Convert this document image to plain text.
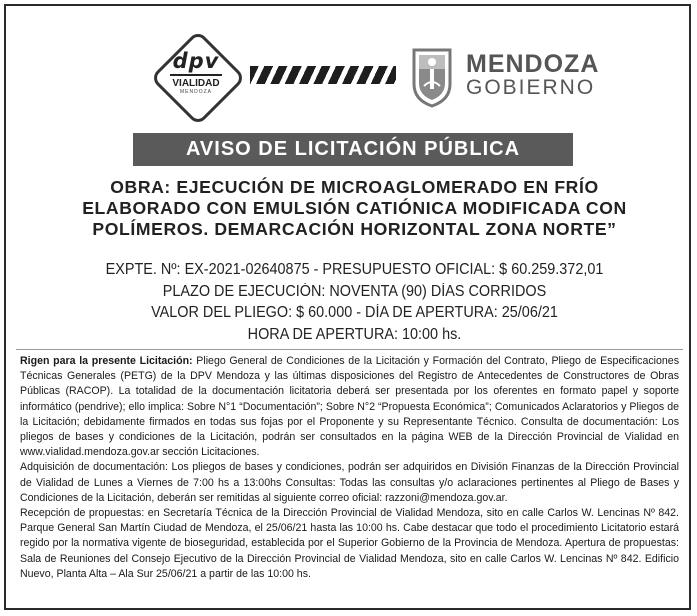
dpv
VIALIDAD
MENDOZA
MENDOZA
GOBIERNO
AVISO DE LICITACIÓN PÚBLICA
OBRA: EJECUCIÓN DE MICROAGLOMERADO EN FRÍO
ELABORADO CON EMULSIÓN CATIÓNICA MODIFICADA CON
POLÍMEROS. DEMARCACIÓN HORIZONTAL ZONA NORTE”
EXPTE. Nº: EX-2021-02640875 - PRESUPUESTO OFICIAL: $ 60.259.372,01
PLAZO DE EJECUCIÓN: NOVENTA (90) DÍAS CORRIDOS
VALOR DEL PLIEGO: $ 60.000 - DÍA DE APERTURA: 25/06/21
HORA DE APERTURA: 10:00 hs.

Rigen para la presente Licitación: Pliego General de Condiciones de la Licitación y Formación del Contrato, Pliego de Especificaciones Técnicas Generales (PETG) de la DPV Mendoza y las últimas disposiciones del Registro de Antecedentes de Constructores de Obras Públicas (RACOP). La totalidad de la documentación licitatoria deberá ser presentada por los oferentes en formato papel y soporte informático (pendrive); ello implica: Sobre N°1 “Documentación”; Sobre N°2 “Propuesta Económica”; Comunicados Aclaratorios y Pliegos de la Licitación; debidamente firmados en todas sus fojas por el Proponente y su Representante Técnico. Consulta de documentación: Los pliegos de bases y condiciones de la Licitación, podrán ser consultados en la página WEB de la Dirección Provincial de Vialidad en www.vialidad.mendoza.gov.ar sección Licitaciones.

Adquisición de documentación: Los pliegos de bases y condiciones, podrán ser adquiridos en División Finanzas de la Dirección Provincial de Vialidad de Lunes a Viernes de 7:00 hs a 13:00hs Consultas: Todas las consultas y/o aclaraciones pertinentes al Pliego de Bases y Condiciones de la Licitación, deberán ser remitidas al siguiente correo oficial: razzoni@mendoza.gov.ar.

Recepción de propuestas: en Secretaría Técnica de la Dirección Provincial de Vialidad Mendoza, sito en calle Carlos W. Lencinas Nº 842. Parque General San Martín Ciudad de Mendoza, el 25/06/21 hasta las 10:00 hs. Cabe destacar que todo el procedimiento Licitatorio estará regido por la normativa vigente de bioseguridad, establecida por el Superior Gobierno de la Provincia de Mendoza. Apertura de propuestas: Sala de Reuniones del Consejo Ejecutivo de la Dirección Provincial de Vialidad Mendoza, sito en calle Carlos W. Lencinas Nº 842. Edificio Nuevo, Planta Alta – Ala Sur 25/06/21 a partir de las 10:00 hs.
